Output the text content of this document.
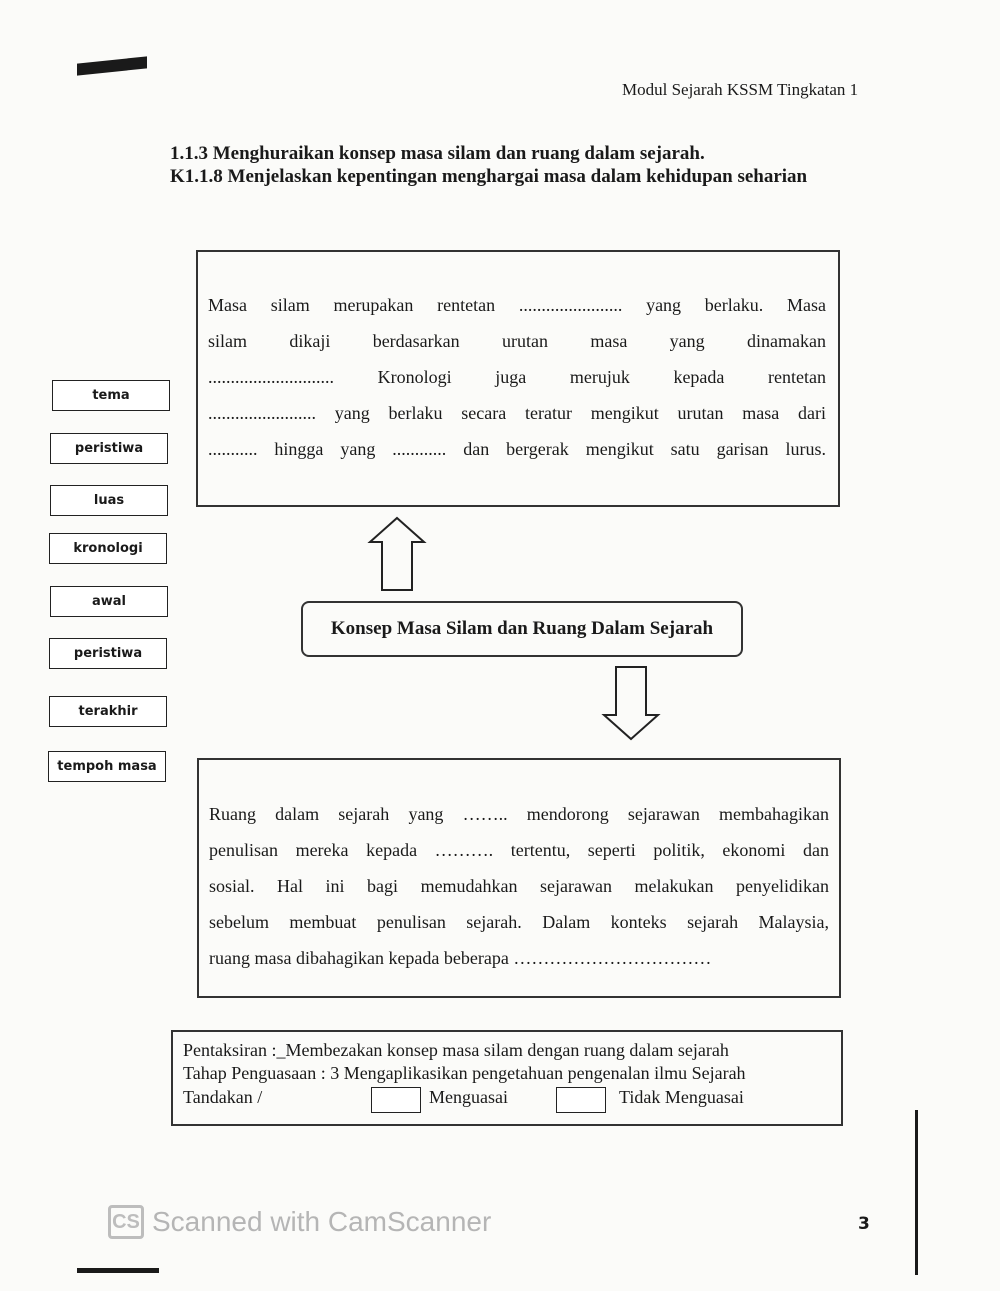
Modul Sejarah KSSM Tingkatan 1
1.1.3 Menghuraikan konsep masa silam dan ruang dalam sejarah.
K1.1.8 Menjelaskan kepentingan menghargai masa dalam kehidupan seharian
tema
peristiwa
luas
kronologi
awal
peristiwa
terakhir
tempoh masa
Masa silam merupakan rentetan ....................... yang berlaku. Masa
silam dikaji berdasarkan urutan masa yang dinamakan
............................ Kronologi juga merujuk kepada rentetan
........................ yang berlaku secara teratur mengikut urutan masa dari
........... hingga yang ............ dan bergerak mengikut satu garisan lurus.
Konsep Masa Silam dan Ruang Dalam Sejarah
Ruang dalam sejarah yang …….. mendorong sejarawan membahagikan
penulisan mereka kepada ………. tertentu, seperti politik, ekonomi dan
sosial. Hal ini bagi memudahkan sejarawan melakukan penyelidikan
sebelum membuat penulisan sejarah. Dalam konteks sejarah Malaysia,
ruang masa dibahagikan kepada beberapa ……………………………
Pentaksiran :_Membezakan konsep masa silam dengan ruang dalam sejarah
Tahap Penguasaan : 3 Mengaplikasikan pengetahuan pengenalan ilmu Sejarah
Tandakan /	Menguasai	Tidak Menguasai
CS Scanned with CamScanner	3
